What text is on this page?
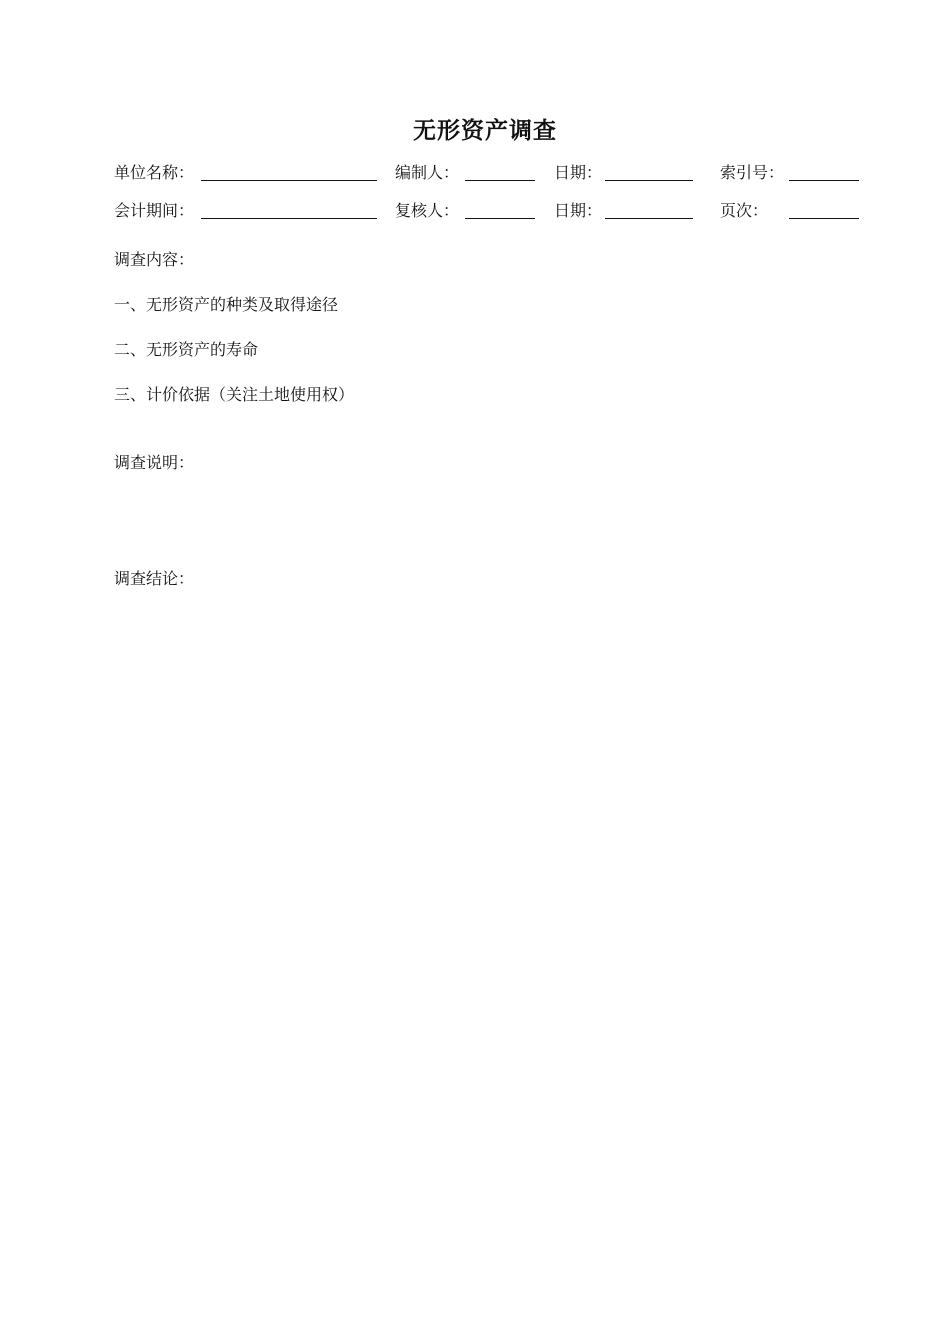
无形资产调查
单位名称：	编制人：	日期：	索引号：
会计期间：	复核人：	日期：	页次：
调查内容：
一、无形资产的种类及取得途径
二、无形资产的寿命
三、计价依据（关注土地使用权）
调查说明：
调查结论：
